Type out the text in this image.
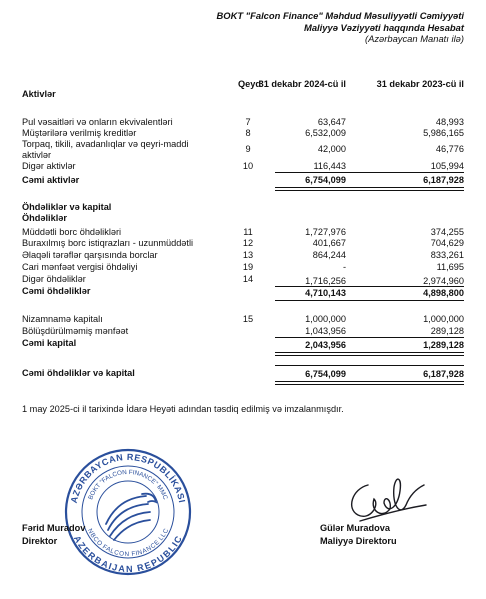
BOKT "Falcon Finance" Məhdud Məsuliyyətli Cəmiyyəti
Maliyyə Vəziyyəti haqqında Hesabat
(Azərbaycan Manatı ilə)
Qeyd
31 dekabr 2024-cü il	31 dekabr 2023-cü il
Aktivlər
Pul vəsaitləri və onların ekvivalentləri	7	63,647	48,993
Müştərilərə verilmiş kreditlər	8	6,532,009	5,986,165
Torpaq, tikili, avadanlıqlar və qeyri-maddi
aktivlər
9	42,000	46,776
Digər aktivlər	10	116,443	105,994
Cəmi aktivlər	6,754,099	6,187,928
Öhdəliklər və kapital
Öhdəliklər
Müddətli borc öhdəlikləri	11	1,727,976	374,255
Buraxılmış borc istiqrazları - uzunmüddətli	12	401,667	704,629
Əlaqəli tərəflər qarşısında borclar	13	864,244	833,261
Cari mənfəət vergisi öhdəliyi	19	-	11,695
Digər öhdəliklər	14	1,716,256	2,974,960
Cəmi öhdəliklər	4,710,143	4,898,800
Nizamnamə kapitalı	15	1,000,000	1,000,000
Bölüşdürülməmiş mənfəət	1,043,956	289,128
Cəmi kapital	2,043,956	1,289,128
Cəmi öhdəliklər və kapital	6,754,099	6,187,928
1 may 2025-ci il tarixində İdarə Heyəti adından təsdiq edilmiş və imzalanmışdır.
AZƏRBAYCAN RESPUBLİKASI
AZERBAIJAN REPUBLIC
BOKT "FALCON FINANCE" MMC
NBCO FALCON FINANCE LLC
Fərid Muradov
Direktor
Gülər Muradova
Maliyyə Direktoru
